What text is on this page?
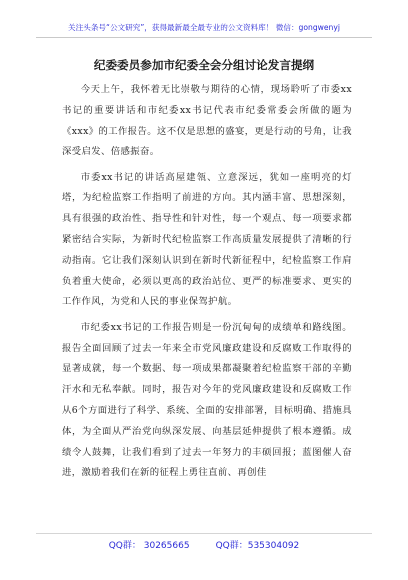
关注头条号“公文研究”，获得最新最全最专业的公文资料库！ 微信：gongwenyj
纪委委员参加市纪委全会分组讨论发言提纲

今天上午，我怀着无比崇敬与期待的心情，现场聆听了市委xx书记的重要讲话和市纪委xx书记代表市纪委常委会所做的题为《xxx》的工作报告。这不仅是思想的盛宴，更是行动的号角，让我深受启发、倍感振奋。

市委xx书记的讲话高屋建瓴、立意深远，犹如一座明亮的灯塔，为纪检监察工作指明了前进的方向。其内涵丰富、思想深刻，具有很强的政治性、指导性和针对性，每一个观点、每一项要求都紧密结合实际，为新时代纪检监察工作高质量发展提供了清晰的行动指南。它让我们深刻认识到在新时代新征程中，纪检监察工作肩负着重大使命，必须以更高的政治站位、更严的标准要求、更实的工作作风，为党和人民的事业保驾护航。

市纪委xx书记的工作报告则是一份沉甸甸的成绩单和路线图。报告全面回顾了过去一年来全市党风廉政建设和反腐败工作取得的显著成就，每一个数据、每一项成果都凝聚着纪检监察干部的辛勤汗水和无私奉献。同时，报告对今年的党风廉政建设和反腐败工作从6个方面进行了科学、系统、全面的安排部署，目标明确、措施具体，为全面从严治党向纵深发展、向基层延伸提供了根本遵循。成绩令人鼓舞，让我们看到了过去一年努力的丰硕回报；蓝图催人奋进，激励着我们在新的征程上勇往直前、再创佳

QQ群： 30265665	QQ群：535304092
